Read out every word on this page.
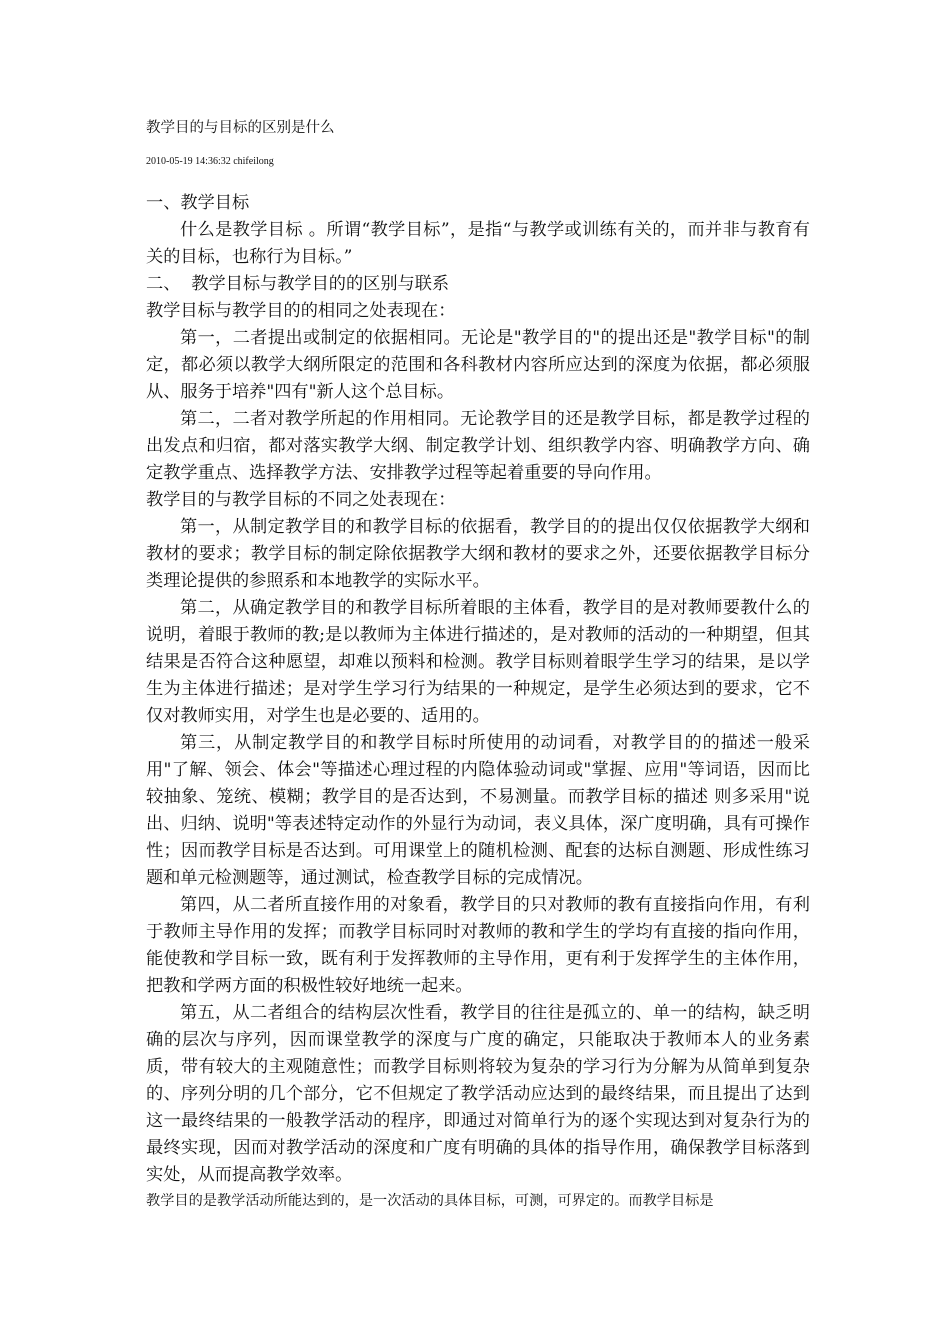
教学目的与目标的区别是什么
2010-05-19 14:36:32 chifeilong

一、教学目标

什么是教学目标 。所谓“教学目标”，是指“与教学或训练有关的，而并非与教育有关的目标，也称行为目标。”

二、  教学目标与教学目的的区别与联系

教学目标与教学目的的相同之处表现在：

第一，二者提出或制定的依据相同。无论是"教学目的"的提出还是"教学目标"的制定，都必须以教学大纲所限定的范围和各科教材内容所应达到的深度为依据，都必须服从、服务于培养"四有"新人这个总目标。

第二，二者对教学所起的作用相同。无论教学目的还是教学目标，都是教学过程的出发点和归宿，都对落实教学大纲、制定教学计划、组织教学内容、明确教学方向、确定教学重点、选择教学方法、安排教学过程等起着重要的导向作用。

教学目的与教学目标的不同之处表现在：

第一，从制定教学目的和教学目标的依据看，教学目的的提出仅仅依据教学大纲和教材的要求；教学目标的制定除依据教学大纲和教材的要求之外，还要依据教学目标分类理论提供的参照系和本地教学的实际水平。

第二，从确定教学目的和教学目标所着眼的主体看，教学目的是对教师要教什么的说明，着眼于教师的教;是以教师为主体进行描述的，是对教师的活动的一种期望，但其结果是否符合这种愿望，却难以预料和检测。教学目标则着眼学生学习的结果，是以学生为主体进行描述；是对学生学习行为结果的一种规定，是学生必须达到的要求，它不仅对教师实用，对学生也是必要的、适用的。

第三，从制定教学目的和教学目标时所使用的动词看，对教学目的的描述一般采用"了解、领会、体会"等描述心理过程的内隐体验动词或"掌握、应用"等词语，因而比较抽象、笼统、模糊；教学目的是否达到，不易测量。而教学目标的描述 则多采用"说出、归纳、说明"等表述特定动作的外显行为动词，表义具体，深广度明确，具有可操作性；因而教学目标是否达到。可用课堂上的随机检测、配套的达标自测题、形成性练习题和单元检测题等，通过测试，检查教学目标的完成情况。

第四，从二者所直接作用的对象看，教学目的只对教师的教有直接指向作用，有利于教师主导作用的发挥；而教学目标同时对教师的教和学生的学均有直接的指向作用，能使教和学目标一致，既有利于发挥教师的主导作用，更有利于发挥学生的主体作用，把教和学两方面的积极性较好地统一起来。

第五，从二者组合的结构层次性看，教学目的往往是孤立的、单一的结构，缺乏明确的层次与序列，因而课堂教学的深度与广度的确定，只能取决于教师本人的业务素质，带有较大的主观随意性；而教学目标则将较为复杂的学习行为分解为从简单到复杂的、序列分明的几个部分，它不但规定了教学活动应达到的最终结果，而且提出了达到这一最终结果的一般教学活动的程序，即通过对简单行为的逐个实现达到对复杂行为的最终实现，因而对教学活动的深度和广度有明确的具体的指导作用，确保教学目标落到实处，从而提高教学效率。

教学目的是教学活动所能达到的，是一次活动的具体目标，可测，可界定的。而教学目标是
